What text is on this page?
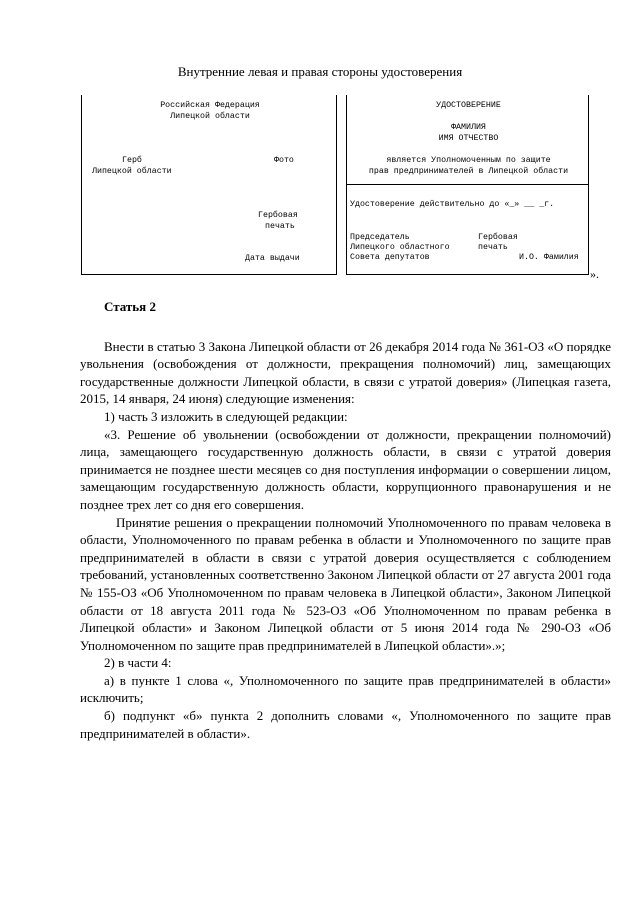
Внутренние левая и правая стороны удостоверения
Российская Федерация
Липецкой области
Герб
Липецкой области
Фото
Гербовая
печать
Дата выдачи
УДОСТОВЕРЕНИЕ
ФАМИЛИЯ
ИМЯ ОТЧЕСТВО
является Уполномоченным по защите
прав предпринимателей в Липецкой области
Удостоверение действительно до «_» __ _г.
Председатель
Липецкого областного
Совета депутатов
Гербовая
печать
И.О. Фамилия
».

Статья 2

Внести в статью 3 Закона Липецкой области от 26 декабря 2014 года № 361-ОЗ «О порядке увольнения (освобождения от должности, прекращения полномочий) лиц, замещающих государственные должности Липецкой области, в связи с утратой доверия» (Липецкая газета, 2015, 14 января, 24 июня) следующие изменения:

1) часть 3 изложить в следующей редакции:

«3. Решение об увольнении (освобождении от должности, прекращении полномочий) лица, замещающего государственную должность области, в связи с утратой доверия принимается не позднее шести месяцев со дня поступления информации о совершении лицом, замещающим государственную должность области, коррупционного правонарушения и не позднее трех лет со дня его совершения.

Принятие решения о прекращении полномочий Уполномоченного по правам человека в области, Уполномоченного по правам ребенка в области и Уполномоченного по защите прав предпринимателей в области в связи с утратой доверия осуществляется с соблюдением требований, установленных соответственно Законом Липецкой области от 27 августа 2001 года № 155-ОЗ «Об Уполномоченном по правам человека в Липецкой области», Законом Липецкой области от 18 августа 2011 года № 523-ОЗ «Об Уполномоченном по правам ребенка в Липецкой области» и Законом Липецкой области от 5 июня 2014 года № 290-ОЗ «Об Уполномоченном по защите прав предпринимателей в Липецкой области».»;

2) в части 4:

а) в пункте 1 слова «, Уполномоченного по защите прав предпринимателей в области» исключить;

б) подпункт «б» пункта 2 дополнить словами «, Уполномоченного по защите прав предпринимателей в области».
